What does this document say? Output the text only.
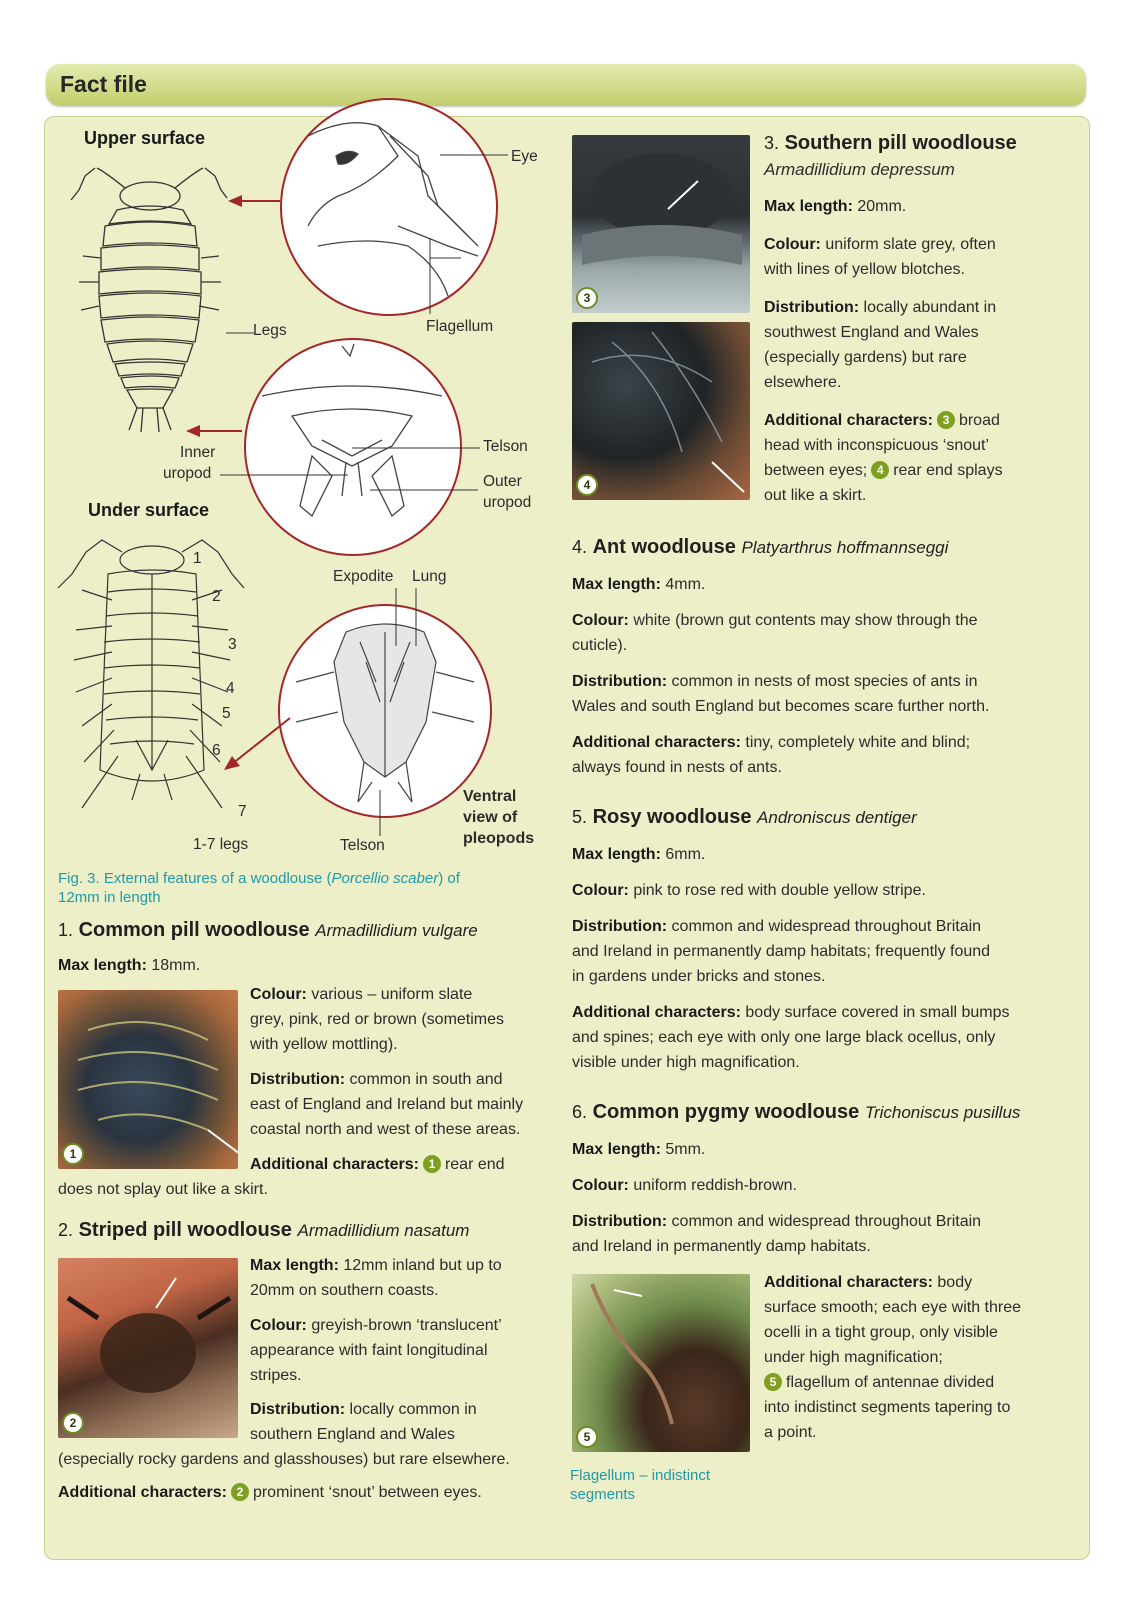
Fact file
Upper surface
Under surface
Legs
Eye
Flagellum
Telson
Outer
uropod
Inner
uropod
1
2
3
4
5
6
7
1-7 legs
Expodite Lung
Ventral
view of
pleopods
Telson
Fig. 3. External features of a woodlouse (Porcellio scaber) of
12mm in length
1. Common pill woodlouse Armadillidium vulgare
Max length: 18mm.
1
Colour: various – uniform slate
grey, pink, red or brown (sometimes
with yellow mottling).
Distribution: common in south and
east of England and Ireland but mainly
coastal north and west of these areas.
Additional characters: 1 rear end
does not splay out like a skirt.
2. Striped pill woodlouse Armadillidium nasatum
2
Max length: 12mm inland but up to
20mm on southern coasts.
Colour: greyish-brown ‘translucent’
appearance with faint longitudinal
stripes.
Distribution: locally common in
southern England and Wales
(especially rocky gardens and glasshouses) but rare elsewhere.
Additional characters: 2 prominent ‘snout’ between eyes.
3
4
3. Southern pill woodlouse
Armadillidium depressum
Max length: 20mm.
Colour: uniform slate grey, often
with lines of yellow blotches.
Distribution: locally abundant in
southwest England and Wales
(especially gardens) but rare
elsewhere.
Additional characters: 3 broad
head with inconspicuous ‘snout’
between eyes; 4 rear end splays
out like a skirt.
4. Ant woodlouse Platyarthrus hoffmannseggi
Max length: 4mm.
Colour: white (brown gut contents may show through the
cuticle).
Distribution: common in nests of most species of ants in
Wales and south England but becomes scare further north.
Additional characters: tiny, completely white and blind;
always found in nests of ants.
5. Rosy woodlouse Androniscus dentiger
Max length: 6mm.
Colour: pink to rose red with double yellow stripe.
Distribution: common and widespread throughout Britain
and Ireland in permanently damp habitats; frequently found
in gardens under bricks and stones.
Additional characters: body surface covered in small bumps
and spines; each eye with only one large black ocellus, only
visible under high magnification.
6. Common pygmy woodlouse Trichoniscus pusillus
Max length: 5mm.
Colour: uniform reddish-brown.
Distribution: common and widespread throughout Britain
and Ireland in permanently damp habitats.
5
Flagellum – indistinct
segments
Additional characters: body
surface smooth; each eye with three
ocelli in a tight group, only visible
under high magnification;
5 flagellum of antennae divided
into indistinct segments tapering to
a point.
